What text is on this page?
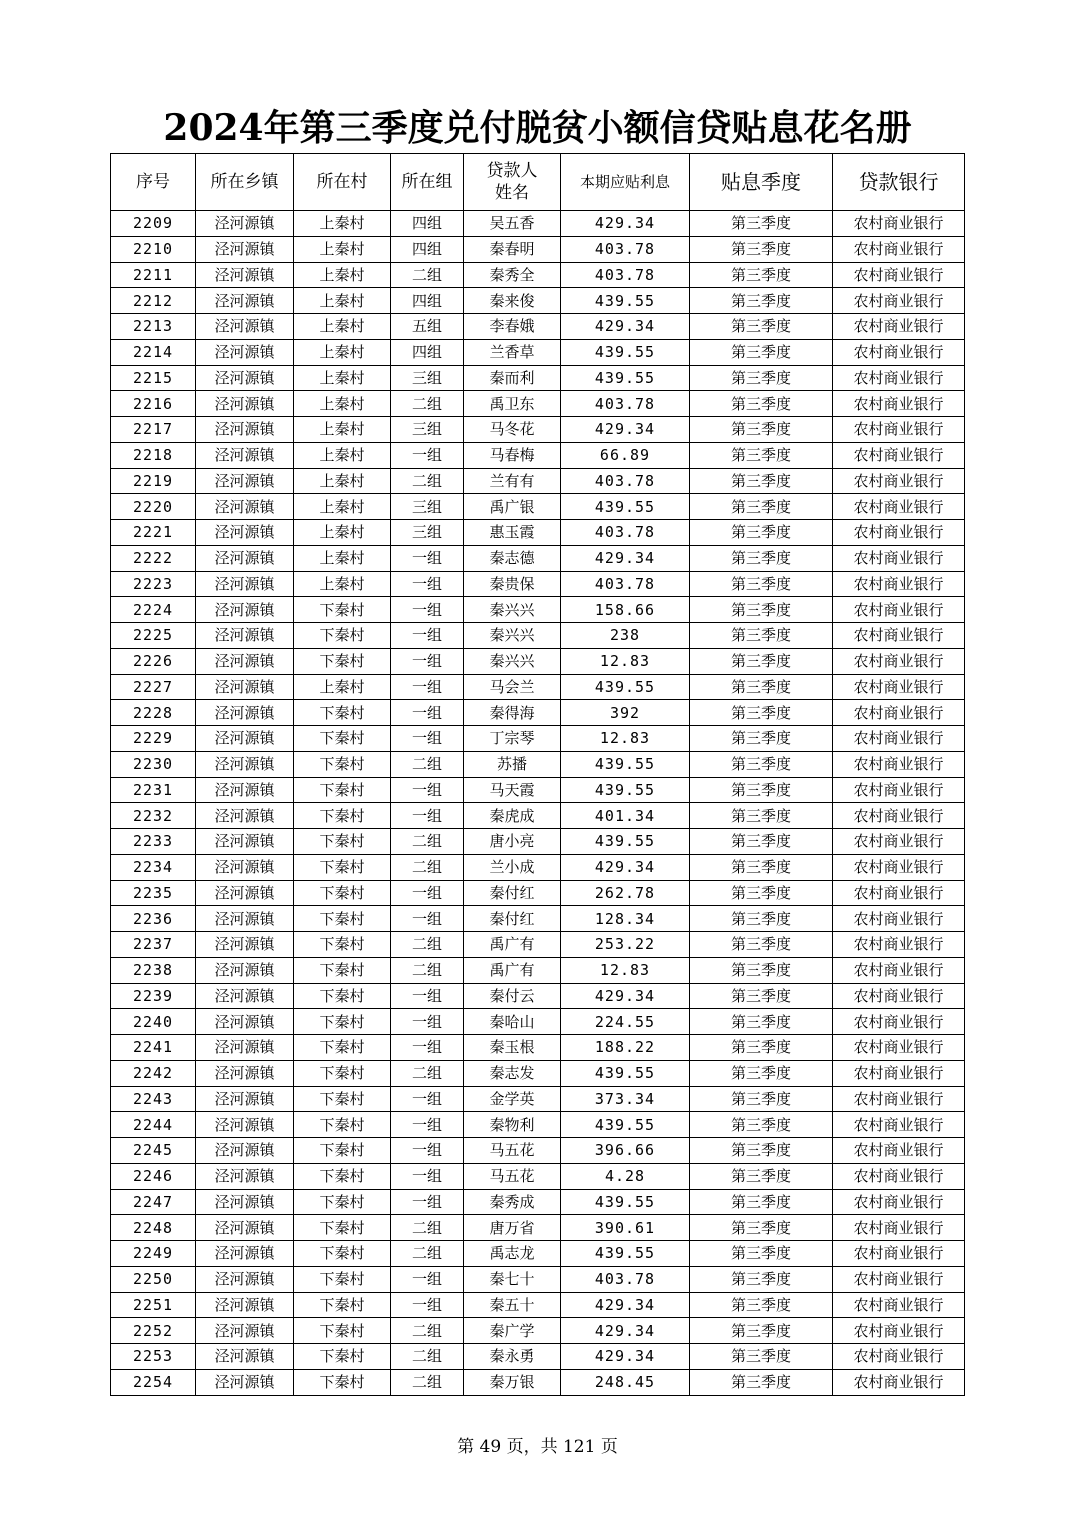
2024年第三季度兑付脱贫小额信贷贴息花名册
序号	所在乡镇	所在村	所在组	贷款人姓名	本期应贴利息	贴息季度	贷款银行
2209	泾河源镇	上秦村	四组	吴五香	429.34	第三季度	农村商业银行
2210	泾河源镇	上秦村	四组	秦春明	403.78	第三季度	农村商业银行
2211	泾河源镇	上秦村	二组	秦秀全	403.78	第三季度	农村商业银行
2212	泾河源镇	上秦村	四组	秦来俊	439.55	第三季度	农村商业银行
2213	泾河源镇	上秦村	五组	李春娥	429.34	第三季度	农村商业银行
2214	泾河源镇	上秦村	四组	兰香草	439.55	第三季度	农村商业银行
2215	泾河源镇	上秦村	三组	秦而利	439.55	第三季度	农村商业银行
2216	泾河源镇	上秦村	二组	禹卫东	403.78	第三季度	农村商业银行
2217	泾河源镇	上秦村	三组	马冬花	429.34	第三季度	农村商业银行
2218	泾河源镇	上秦村	一组	马春梅	66.89	第三季度	农村商业银行
2219	泾河源镇	上秦村	二组	兰有有	403.78	第三季度	农村商业银行
2220	泾河源镇	上秦村	三组	禹广银	439.55	第三季度	农村商业银行
2221	泾河源镇	上秦村	三组	惠玉霞	403.78	第三季度	农村商业银行
2222	泾河源镇	上秦村	一组	秦志德	429.34	第三季度	农村商业银行
2223	泾河源镇	上秦村	一组	秦贵保	403.78	第三季度	农村商业银行
2224	泾河源镇	下秦村	一组	秦兴兴	158.66	第三季度	农村商业银行
2225	泾河源镇	下秦村	一组	秦兴兴	238	第三季度	农村商业银行
2226	泾河源镇	下秦村	一组	秦兴兴	12.83	第三季度	农村商业银行
2227	泾河源镇	上秦村	一组	马会兰	439.55	第三季度	农村商业银行
2228	泾河源镇	下秦村	一组	秦得海	392	第三季度	农村商业银行
2229	泾河源镇	下秦村	一组	丁宗琴	12.83	第三季度	农村商业银行
2230	泾河源镇	下秦村	二组	苏播	439.55	第三季度	农村商业银行
2231	泾河源镇	下秦村	一组	马天霞	439.55	第三季度	农村商业银行
2232	泾河源镇	下秦村	一组	秦虎成	401.34	第三季度	农村商业银行
2233	泾河源镇	下秦村	二组	唐小亮	439.55	第三季度	农村商业银行
2234	泾河源镇	下秦村	二组	兰小成	429.34	第三季度	农村商业银行
2235	泾河源镇	下秦村	一组	秦付红	262.78	第三季度	农村商业银行
2236	泾河源镇	下秦村	一组	秦付红	128.34	第三季度	农村商业银行
2237	泾河源镇	下秦村	二组	禹广有	253.22	第三季度	农村商业银行
2238	泾河源镇	下秦村	二组	禹广有	12.83	第三季度	农村商业银行
2239	泾河源镇	下秦村	一组	秦付云	429.34	第三季度	农村商业银行
2240	泾河源镇	下秦村	一组	秦哈山	224.55	第三季度	农村商业银行
2241	泾河源镇	下秦村	一组	秦玉根	188.22	第三季度	农村商业银行
2242	泾河源镇	下秦村	二组	秦志发	439.55	第三季度	农村商业银行
2243	泾河源镇	下秦村	一组	金学英	373.34	第三季度	农村商业银行
2244	泾河源镇	下秦村	一组	秦物利	439.55	第三季度	农村商业银行
2245	泾河源镇	下秦村	一组	马五花	396.66	第三季度	农村商业银行
2246	泾河源镇	下秦村	一组	马五花	4.28	第三季度	农村商业银行
2247	泾河源镇	下秦村	一组	秦秀成	439.55	第三季度	农村商业银行
2248	泾河源镇	下秦村	二组	唐万省	390.61	第三季度	农村商业银行
2249	泾河源镇	下秦村	二组	禹志龙	439.55	第三季度	农村商业银行
2250	泾河源镇	下秦村	一组	秦七十	403.78	第三季度	农村商业银行
2251	泾河源镇	下秦村	一组	秦五十	429.34	第三季度	农村商业银行
2252	泾河源镇	下秦村	二组	秦广学	429.34	第三季度	农村商业银行
2253	泾河源镇	下秦村	二组	秦永勇	429.34	第三季度	农村商业银行
2254	泾河源镇	下秦村	二组	秦万银	248.45	第三季度	农村商业银行
第 49 页，共 121 页
